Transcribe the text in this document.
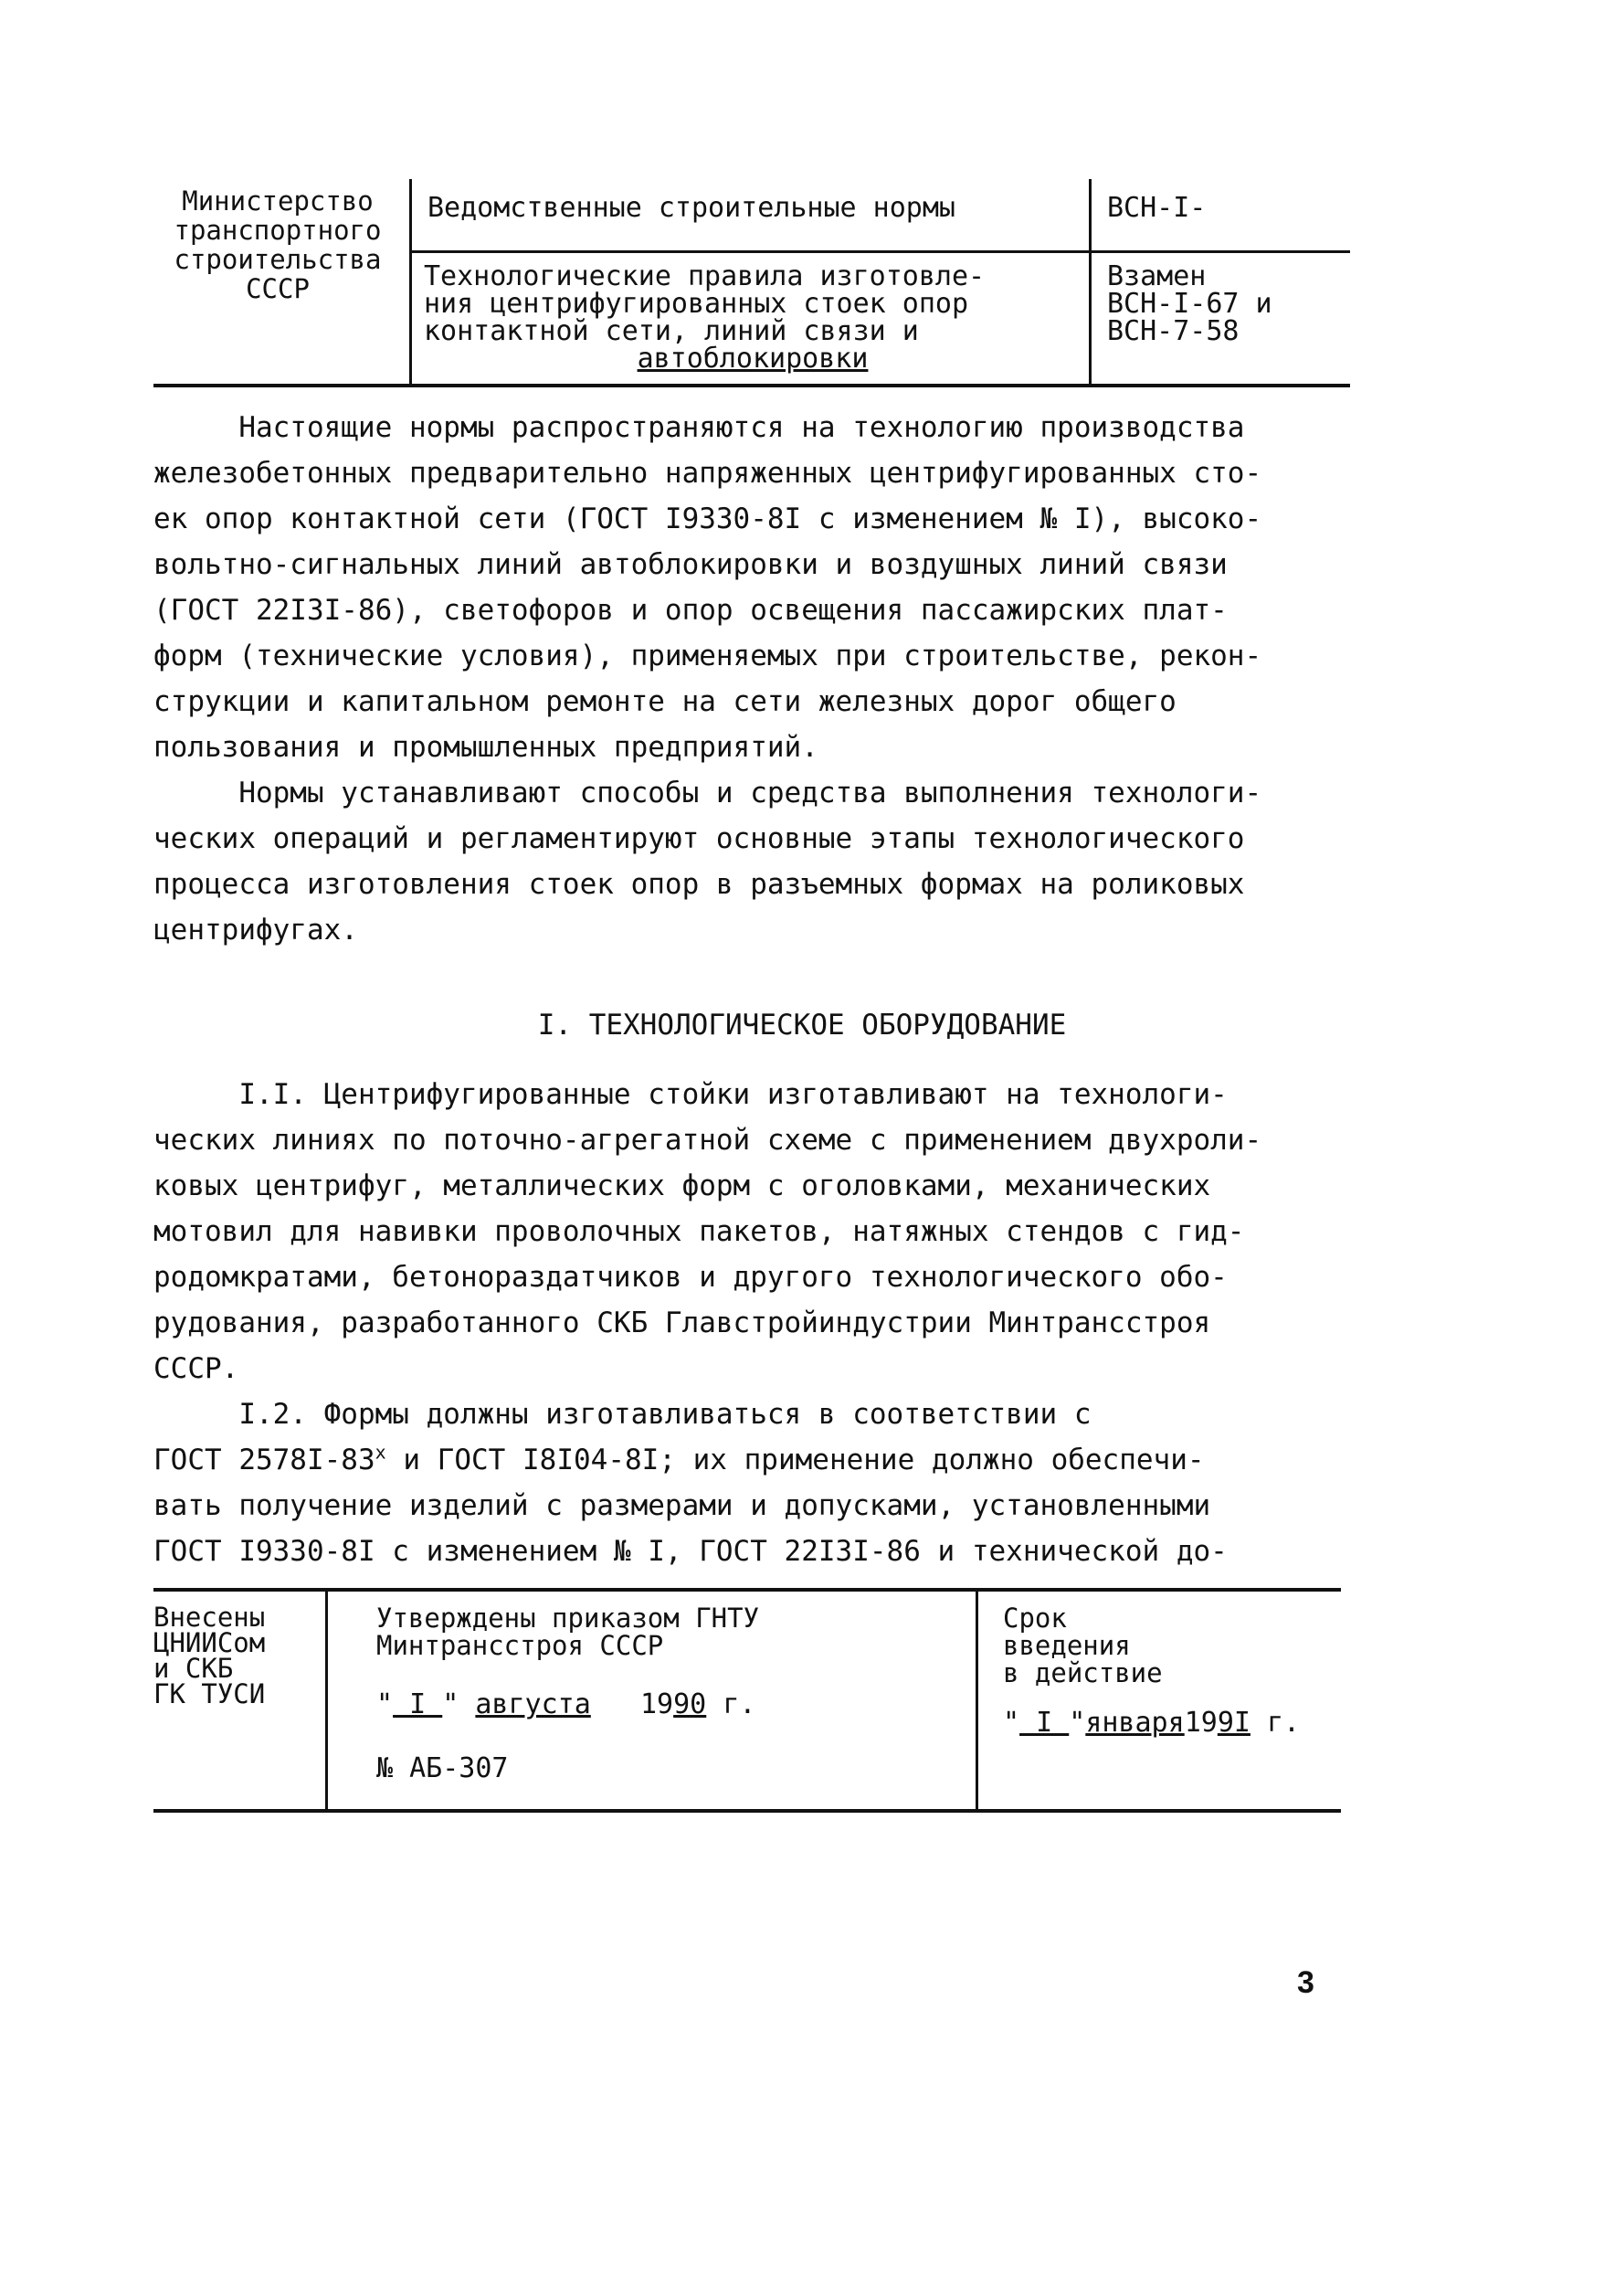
Министерство
транспортного
строительства
СССР
Ведомственные строительные нормы	ВСН-I-
Технологические правила изготовле-
ния центрифугированных стоек опор
контактной сети, линий связи и
автоблокировки
Взамен
ВСН-I-67 и
ВСН-7-58
Настоящие нормы распространяются на технологию производства
железобетонных предварительно напряженных центрифугированных сто-
ек опор контактной сети (ГОСТ I9330-8I с изменением № I), высоко-
вольтно-сигнальных линий автоблокировки и воздушных линий связи
(ГОСТ 22I3I-86), светофоров и опор освещения пассажирских плат-
форм (технические условия), применяемых при строительстве, рекон-
струкции и капитальном ремонте на сети железных дорог общего
пользования и промышленных предприятий.
Нормы устанавливают способы и средства выполнения технологи-
ческих операций и регламентируют основные этапы технологического
процесса изготовления стоек опор в разъемных формах на роликовых
центрифугах.
I. ТЕХНОЛОГИЧЕСКОЕ ОБОРУДОВАНИЕ
I.I. Центрифугированные стойки изготавливают на технологи-
ческих линиях по поточно-агрегатной схеме с применением двухроли-
ковых центрифуг, металлических форм с оголовками, механических
мотовил для навивки проволочных пакетов, натяжных стендов с гид-
родомкратами, бетонораздатчиков и другого технологического обо-
рудования, разработанного СКБ Главстройиндустрии Минтрансстроя
СССР.
I.2. Формы должны изготавливаться в соответствии с
ГОСТ $2578I-83^х$ и ГОСТ I8I04-8I; их применение должно обеспечи-
вать получение изделий с размерами и допусками, установленными
ГОСТ I9330-8I с изменением № I, ГОСТ 22I3I-86 и технической до-
Внесены
ЦНИИСом
и СКБ
ГК ТУСИ
Утверждены приказом ГНТУ
Минтрансстроя СССР
" I " августа 1990 г.
№ АБ-307
Срок
введения
в действие
" I "января199I г.
3
